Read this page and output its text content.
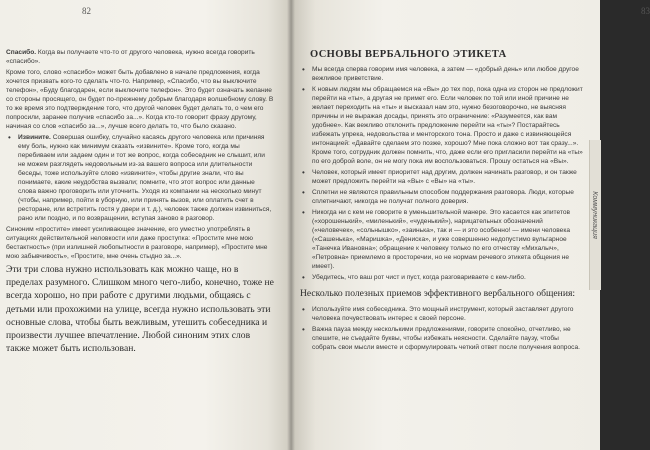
82

Спасибо. Когда вы получаете что-то от другого человека, нужно всегда говорить «спасибо».

Кроме того, слово «спасибо» может быть добавлено в начале предложения, когда хочется призвать кого-то сделать что-то. Например, «Спасибо, что вы выключите телефон», «Буду благодарен, если выключите телефон». Это будет означать желание со стороны просящего, он будет по-прежнему добрым благодаря волшебному слову. В то же время это подтверждение того, что другой человек будет делать то, о чем его попросили, заранее получив «спасибо за...». Когда кто-то говорит фразу другому, начиная со слов «спасибо за...», лучше всего делать то, что было сказано.

• Извините. Совершая ошибку, случайно касаясь другого человека или причиняя ему боль, нужно как минимум сказать «извините». Кроме того, когда мы перебиваем или задаем один и тот же вопрос, когда собеседник не слышит, или не можем разглядеть недовольным из-за вашего вопроса или длительности беседы, тоже используйте слово «извините», чтобы другие знали, что вы понимаете, какие неудобства вызвали; помните, что этот вопрос или данные слова важно проговорить или уточнить. Уходя из компании на несколько минут (чтобы, например, пойти в уборную, или принять вызов, или оплатить счет в ресторане, или встретить гостя у двери и т. д.), человек также должен извиниться, рано или поздно, и по возвращении, вступая заново в разговор.

Синоним «простите» имеет усиливающее значение, его уместно употреблять в ситуациях действительной неловкости или даже проступка: «Простите мне мою бестактность» (при излишней любопытности в разговоре, например), «Простите мне мою забывчивость», «Простите, мне очень стыдно за...».

Эти три слова нужно использовать как можно чаще, но в пределах разумного. Слишком много чего-либо, конечно, тоже не всегда хорошо, но при работе с другими людьми, общаясь с детьми или прохожими на улице, всегда нужно использовать эти основные слова, чтобы быть вежливым, утешить собеседника и произвести лучшее впечатление. Любой синоним этих слов также может быть использован.

83
ОСНОВЫ ВЕРБАЛЬНОГО ЭТИКЕТА
• Мы всегда сперва говорим имя человека, а затем — «добрый день» или любое другое вежливое приветствие.
• К новым людям мы обращаемся на «Вы» до тех пор, пока одна из сторон не предложит перейти на «ты», а другая не примет его. Если человек по той или иной причине не желает переходить на «ты» и высказал нам это, нужно безоговорочно, не выясняя причины и не выражая досады, принять это ограничение: «Разумеется, как вам удобнее». Как вежливо отклонить предложение перейти на «ты»? Постарайтесь избежать упрека, недовольства и менторского тона. Просто и даже с извиняющейся интонацией: «Давайте сделаем это позже, хорошо? Мне пока сложно вот так сразу...». Кроме того, сотрудник должен помнить, что, даже если его пригласили перейти на «ты» по его доброй воле, он не могу пока им воспользоваться. Прошу остаться на «Вы».
• Человек, который имеет приоритет над другим, должен начинать разговор, и он также может предложить перейти на «Вы» с «Вы» на «ты».
• Сплетни не являются правильным способом поддержания разговора. Люди, которые сплетничают, никогда не получат полного доверия.
• Никогда ни с кем не говорите в уменьшительной манере. Это касается как эпитетов («хорошенький», «миленький», «чуденький»), нарицательных обозначений («человечек», «сольнышко», «заинька», так и — и это особенно! — имени человека («Сашенька», «Маришка», «Дениска», и уже совершенно недопустимо вульгарное «Танечка Ивановна»; обращение к человеку только по его отчеству «Михалыч», «Петровна» приемлемо в просторечии, но не нормам речевого этикета общения не имеет).
• Убедитесь, что ваш рот чист и пуст, когда разговариваете с кем-либо.
Несколько полезных приемов эффективного вербального общения:
• Используйте имя собеседника. Это мощный инструмент, который заставляет другого человека почувствовать интерес к своей персоне.
• Важна пауза между несколькими предложениями, говорите спокойно, отчетливо, не спешите, не съедайте буквы, чтобы избежать неясности. Сделайте паузу, чтобы собрать свои мысли вместе и сформулировать четкий ответ после получения вопроса.
Коммуникация
